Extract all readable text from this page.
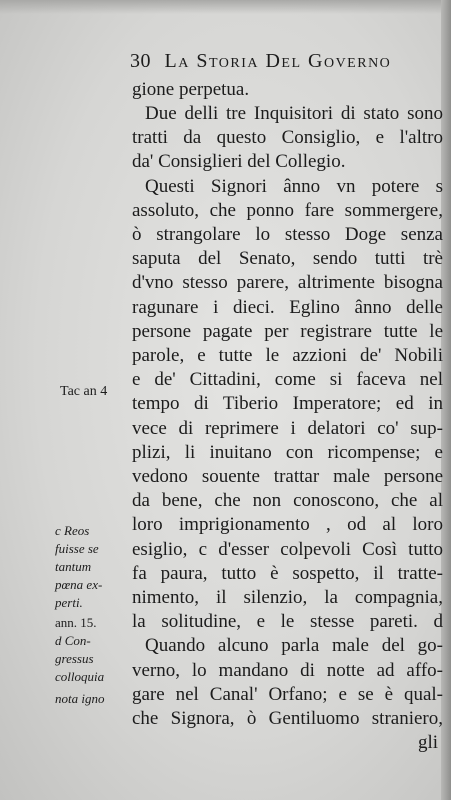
30 La Storia Del Governo
gione perpetua.
Due delli tre Inquisitori di stato sono
tratti da questo Consiglio, e l'altro
da' Consiglieri del Collegio.
Questi Signori ânno vn potere s
assoluto, che ponno fare sommergere,
ò strangolare lo stesso Doge senza
saputa del Senato, sendo tutti trè
d'vno stesso parere, altrimente bisogna
ragunare i dieci. Eglino ânno delle
persone pagate per registrare tutte le
parole, e tutte le azzioni de' Nobili
e de' Cittadini, come si faceva nel
tempo di Tiberio Imperatore; ed in
vece di reprimere i delatori co' sup-
plizi, li inuitano con ricompense; e
vedono souente trattar male persone
da bene, che non conoscono, che al
loro imprigionamento , od al loro
esiglio, c d'esser colpevoli Così tutto
fa paura, tutto è sospetto, il tratte-
nimento, il silenzio, la compagnia,
la solitudine, e le stesse pareti. d
Quando alcuno parla male del go-
verno, lo mandano di notte ad affo-
gare nel Canal' Orfano; e se è qual-
che Signora, ò Gentiluomo straniero,
gli
Tac an 4
c Reos
fuisse se
tantum
pœna ex-
perti.
ann. 15.
d Con-
gressus
colloquia
nota igno
